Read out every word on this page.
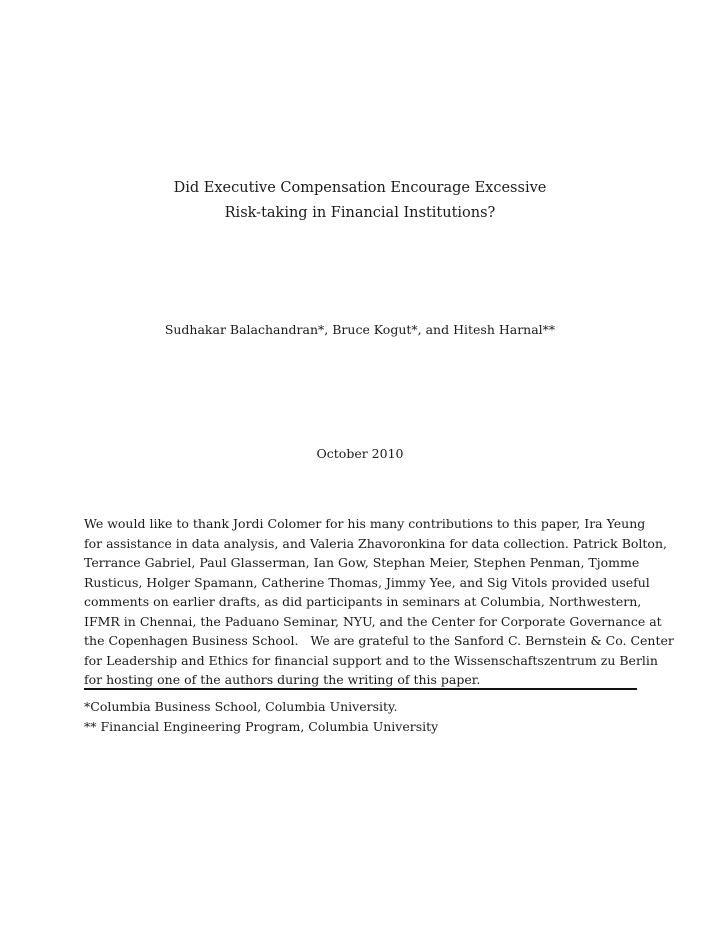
Did Executive Compensation Encourage Excessive
Risk-taking in Financial Institutions?
Sudhakar Balachandran*, Bruce Kogut*, and Hitesh Harnal**
October 2010
We would like to thank Jordi Colomer for his many contributions to this paper, Ira Yeung
for assistance in data analysis, and Valeria Zhavoronkina for data collection. Patrick Bolton,
Terrance Gabriel, Paul Glasserman, Ian Gow, Stephan Meier, Stephen Penman, Tjomme
Rusticus, Holger Spamann, Catherine Thomas, Jimmy Yee, and Sig Vitols provided useful
comments on earlier drafts, as did participants in seminars at Columbia, Northwestern,
IFMR in Chennai, the Paduano Seminar, NYU, and the Center for Corporate Governance at
the Copenhagen Business School.   We are grateful to the Sanford C. Bernstein & Co. Center
for Leadership and Ethics for financial support and to the Wissenschaftszentrum zu Berlin
for hosting one of the authors during the writing of this paper.
*Columbia Business School, Columbia University.
** Financial Engineering Program, Columbia University
